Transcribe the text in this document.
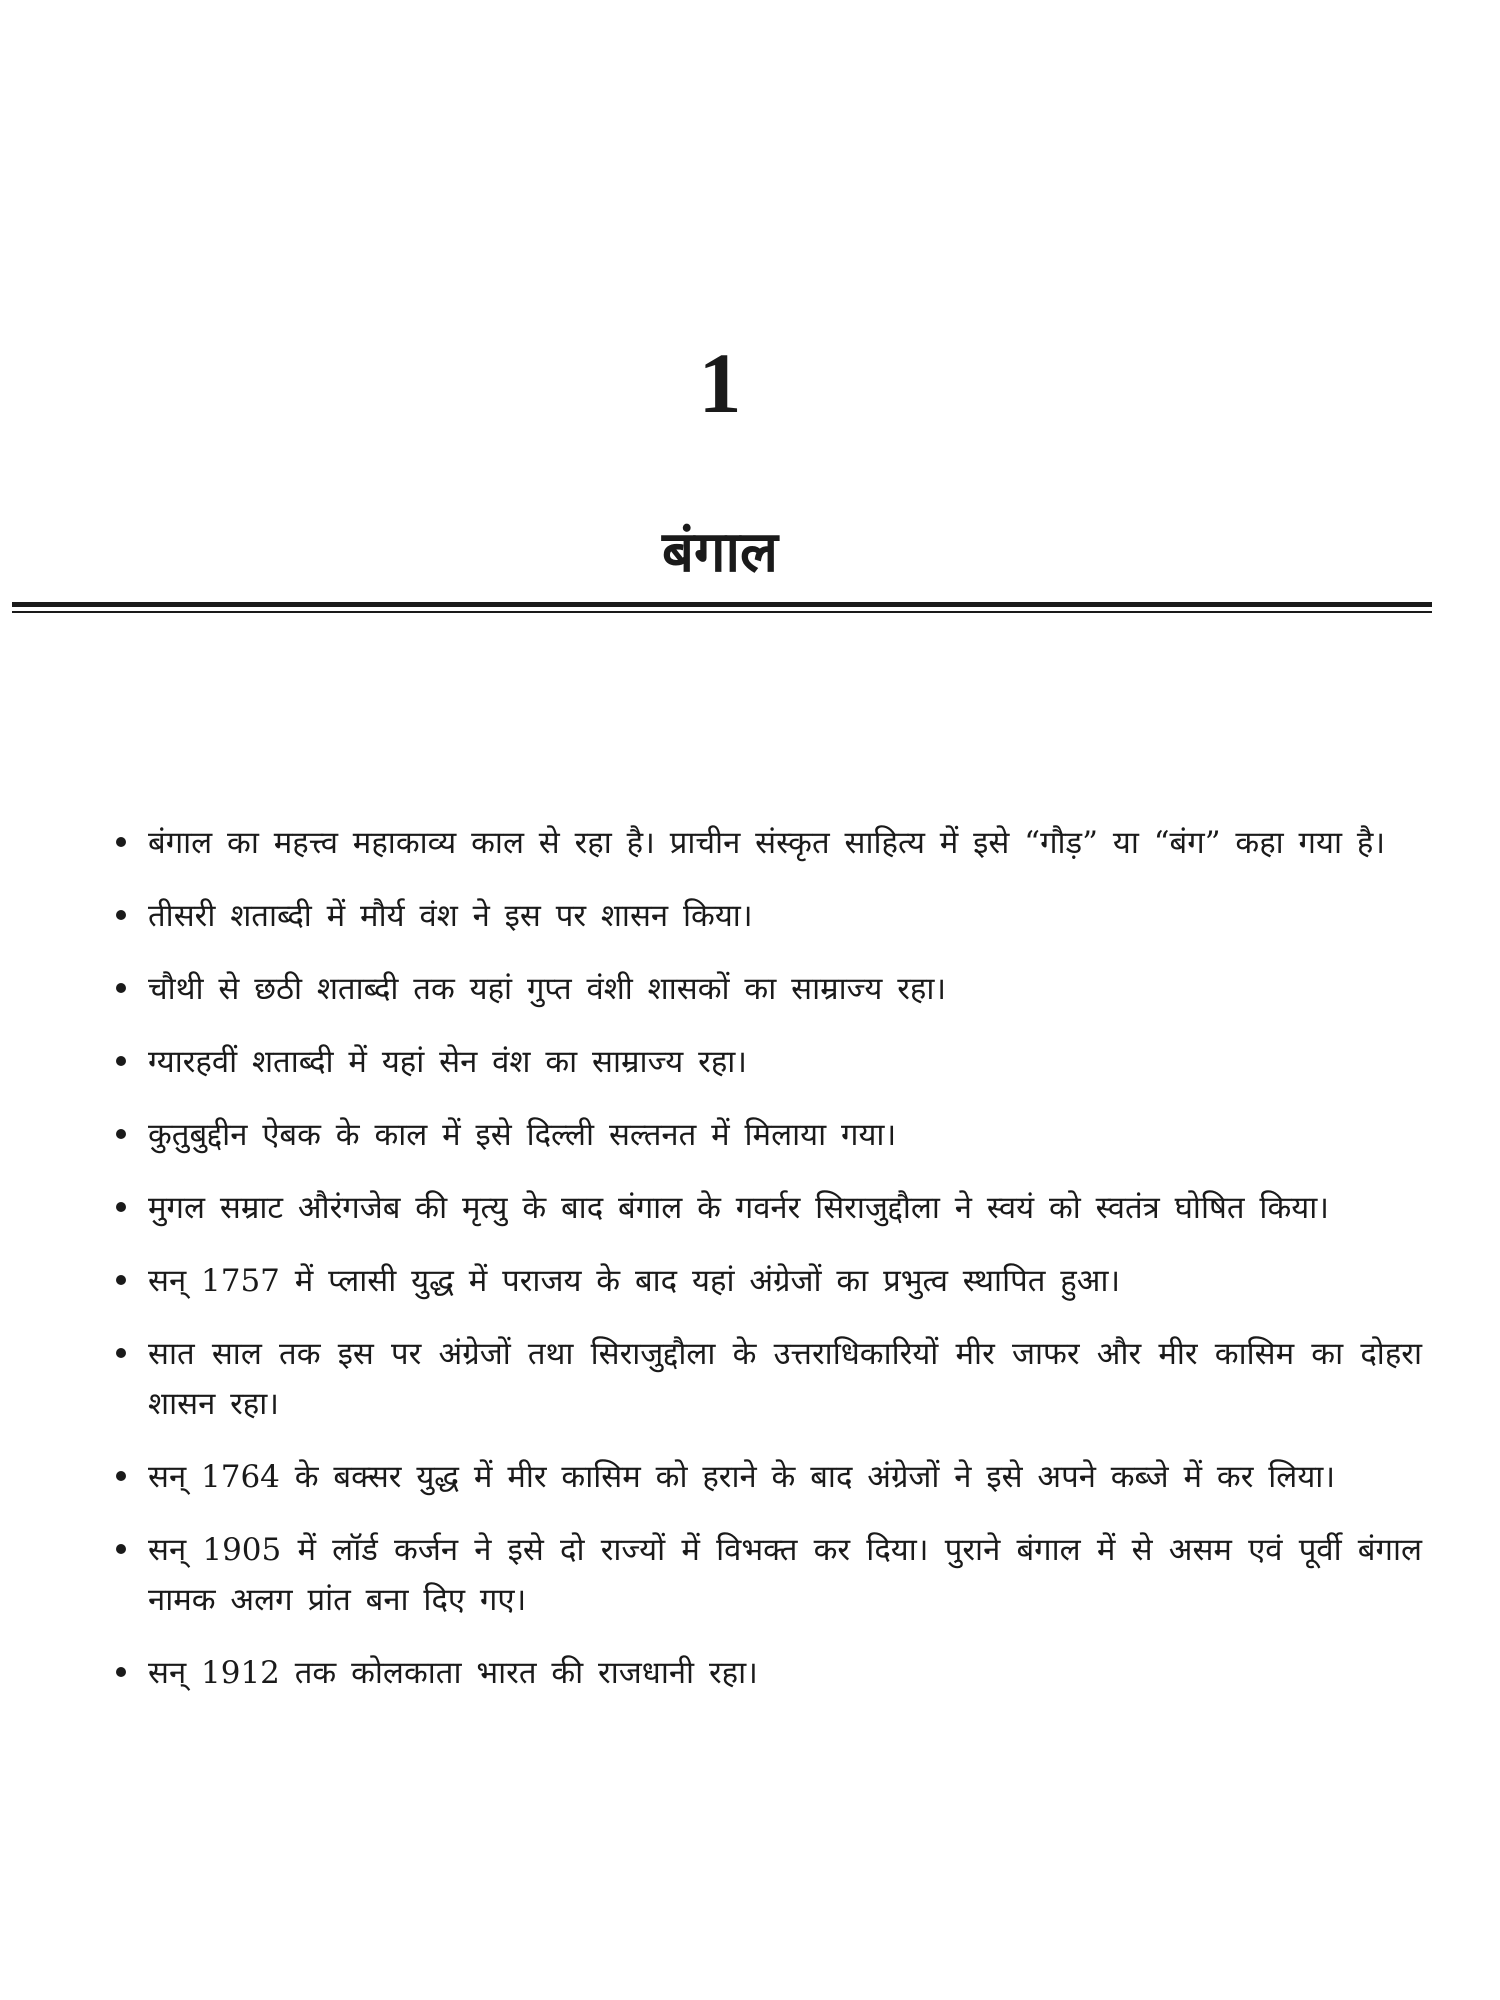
1
बंगाल
बंगाल का महत्त्व महाकाव्य काल से रहा है। प्राचीन संस्कृत साहित्य में इसे “गौड़” या “बंग” कहा गया है।
तीसरी शताब्दी में मौर्य वंश ने इस पर शासन किया।
चौथी से छठी शताब्दी तक यहां गुप्त वंशी शासकों का साम्राज्य रहा।
ग्यारहवीं शताब्दी में यहां सेन वंश का साम्राज्य रहा।
कुतुबुद्दीन ऐबक के काल में इसे दिल्ली सल्तनत में मिलाया गया।
मुगल सम्राट औरंगजेब की मृत्यु के बाद बंगाल के गवर्नर सिराजुद्दौला ने स्वयं को स्वतंत्र घोषित किया।
सन् 1757 में प्लासी युद्ध में पराजय के बाद यहां अंग्रेजों का प्रभुत्व स्थापित हुआ।
सात साल तक इस पर अंग्रेजों तथा सिराजुद्दौला के उत्तराधिकारियों मीर जाफर और मीर कासिम का दोहरा शासन रहा।
सन् 1764 के बक्सर युद्ध में मीर कासिम को हराने के बाद अंग्रेजों ने इसे अपने कब्जे में कर लिया।
सन् 1905 में लॉर्ड कर्जन ने इसे दो राज्यों में विभक्त कर दिया। पुराने बंगाल में से असम एवं पूर्वी बंगाल नामक अलग प्रांत बना दिए गए।
सन् 1912 तक कोलकाता भारत की राजधानी रहा।
